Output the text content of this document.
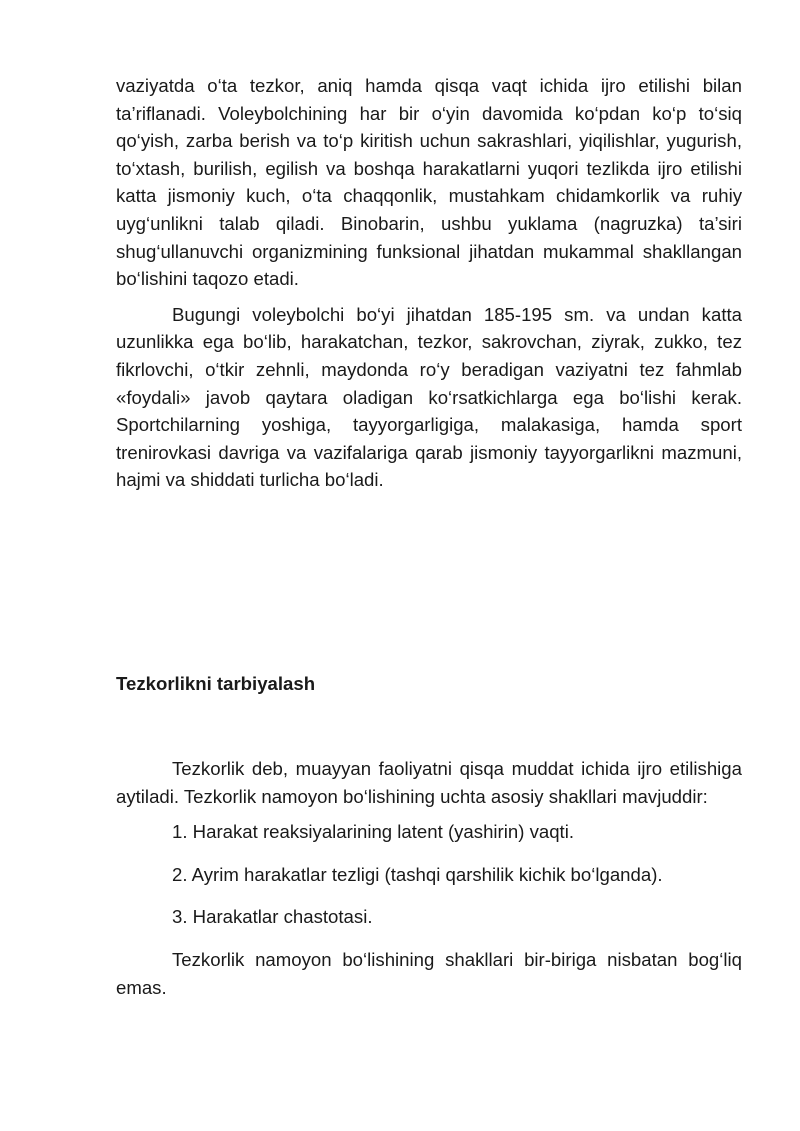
vaziyatda o‘ta tezkor, aniq hamda qisqa vaqt ichida ijro etilishi bilan ta’riflanadi. Voleybolchining har bir o‘yin davomida ko‘pdan ko‘p to‘siq qo‘yish, zarba berish va to‘p kiritish uchun sakrashlari, yiqilishlar, yugurish, to‘xtash, burilish, egilish va boshqa harakatlarni yuqori tezlikda ijro etilishi katta jismoniy kuch, o‘ta chaqqonlik, mustahkam chidamkorlik va ruhiy uyg‘unlikni talab qiladi. Binobarin, ushbu yuklama (nagruzka) ta’siri shug‘ullanuvchi organizmining funksional jihatdan mukammal shakllangan bo‘lishini taqozo etadi.

Bugungi voleybolchi bo‘yi jihatdan 185-195 sm. va undan katta uzunlikka ega bo‘lib, harakatchan, tezkor, sakrovchan, ziyrak, zukko, tez fikrlovchi, o‘tkir zehnli, maydonda ro‘y beradigan vaziyatni tez fahmlab «foydali» javob qaytara oladigan ko‘rsatkichlarga ega bo‘lishi kerak. Sportchilarning yoshiga, tayyorgarligiga, malakasiga, hamda sport trenirovkasi davriga va vazifalariga qarab jismoniy tayyorgarlikni mazmuni, hajmi va shiddati turlicha bo‘ladi.

Tezkorlikni tarbiyalash

Tezkorlik deb, muayyan faoliyatni qisqa muddat ichida ijro etilishiga aytiladi. Tezkorlik namoyon bo‘lishining uchta asosiy shakllari mavjuddir:

1. Harakat reaksiyalarining latent (yashirin) vaqti.

2. Ayrim harakatlar tezligi (tashqi qarshilik kichik bo‘lganda).

3. Harakatlar chastotasi.

Tezkorlik namoyon bo‘lishining shakllari bir-biriga nisbatan bog‘liq emas.
